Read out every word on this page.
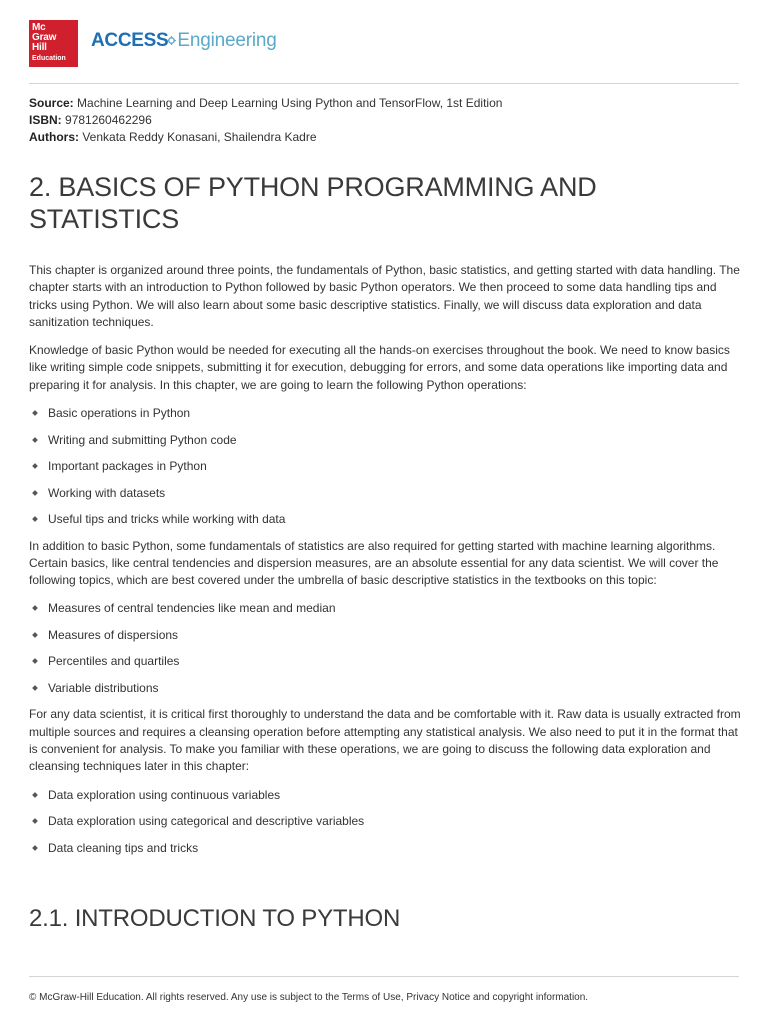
Mc
Graw
Hill
Education
ACCESS Engineering
Source: Machine Learning and Deep Learning Using Python and TensorFlow, 1st Edition
ISBN: 9781260462296
Authors: Venkata Reddy Konasani, Shailendra Kadre
2. BASICS OF PYTHON PROGRAMMING AND STATISTICS

This chapter is organized around three points, the fundamentals of Python, basic statistics, and getting started with data handling. The chapter starts with an introduction to Python followed by basic Python operators. We then proceed to some data handling tips and tricks using Python. We will also learn about some basic descriptive statistics. Finally, we will discuss data exploration and data sanitization techniques.

Knowledge of basic Python would be needed for executing all the hands-on exercises throughout the book. We need to know basics like writing simple code snippets, submitting it for execution, debugging for errors, and some data operations like importing data and preparing it for analysis. In this chapter, we are going to learn the following Python operations:

Basic operations in Python
Writing and submitting Python code
Important packages in Python
Working with datasets
Useful tips and tricks while working with data

In addition to basic Python, some fundamentals of statistics are also required for getting started with machine learning algorithms. Certain basics, like central tendencies and dispersion measures, are an absolute essential for any data scientist. We will cover the following topics, which are best covered under the umbrella of basic descriptive statistics in the textbooks on this topic:

Measures of central tendencies like mean and median
Measures of dispersions
Percentiles and quartiles
Variable distributions

For any data scientist, it is critical first thoroughly to understand the data and be comfortable with it. Raw data is usually extracted from multiple sources and requires a cleansing operation before attempting any statistical analysis. We also need to put it in the format that is convenient for analysis. To make you familiar with these operations, we are going to discuss the following data exploration and cleansing techniques later in this chapter:

Data exploration using continuous variables
Data exploration using categorical and descriptive variables
Data cleaning tips and tricks
2.1. INTRODUCTION TO PYTHON
© McGraw-Hill Education. All rights reserved. Any use is subject to the Terms of Use, Privacy Notice and copyright information.
